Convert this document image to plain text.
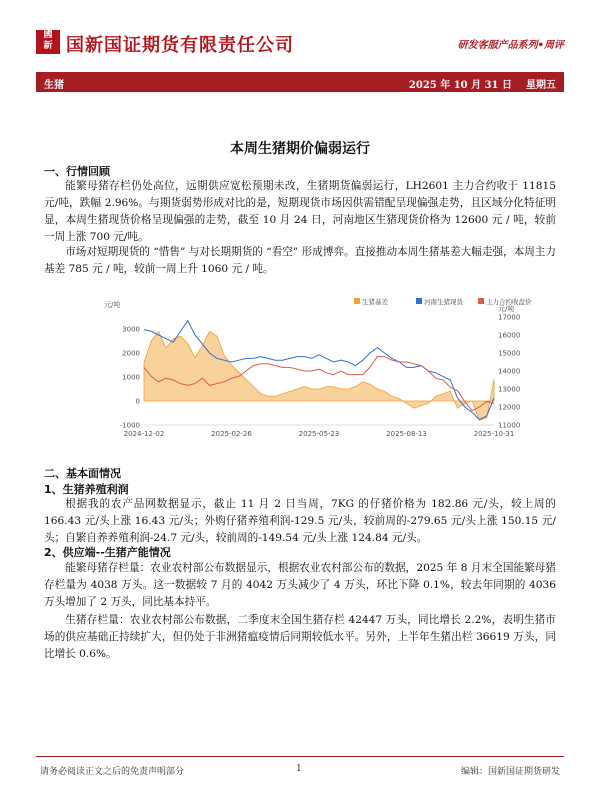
國
新 国新国证期货有限责任公司	研发客服产品系列•周评
生猪	2025 年 10 月 31 日 星期五
本周生猪期价偏弱运行
一、行情回顾

能繁母猪存栏仍处高位，远期供应宽松预期未改，生猪期货偏弱运行，LH2601 主力合约收于 11815 元/吨，跌幅 2.96%。与期货弱势形成对比的是，短期现货市场因供需错配呈现偏强走势，且区域分化特征明显，本周生猪现货价格呈现偏强的走势，截至 10 月 24 日，河南地区生猪现货价格为 12600 元 / 吨，较前一周上涨 700 元/吨。

市场对短期现货的 “惜售” 与对长期期货的 “看空” 形成博弈。直接推动本周生猪基差大幅走强，本周主力基差 785 元 / 吨，较前一周上升 1060 元 / 吨。

生猪基差	河南生猪现货	主力合约收盘价
元/吨	元/吨
3000
2000
1000
0
-1000
17000
16000
15000
14000
13000
12000
11000
2024-12-02	2025-02-26	2025-05-23	2025-08-13	2025-10-31
二、基本面情况
1、生猪养殖利润

根据我的农产品网数据显示，截止 11 月 2 日当周，7KG 的仔猪价格为 182.86 元/头，较上周的 166.43 元/头上涨 16.43 元/头；外购仔猪养殖利润-129.5 元/头，较前周的-279.65 元/头上涨 150.15 元/头；自繁自养养殖利润-24.7 元/头，较前周的-149.54 元/头上涨 124.84 元/头。

2、供应端--生猪产能情况

能繁母猪存栏量：农业农村部公布数据显示，根据农业农村部公布的数据，2025 年 8 月末全国能繁母猪存栏量为 4038 万头。这一数据较 7 月的 4042 万头减少了 4 万头，环比下降 0.1%，较去年同期的 4036 万头增加了 2 万头，同比基本持平。

生猪存栏量：农业农村部公布数据，二季度末全国生猪存栏 42447 万头，同比增长 2.2%，表明生猪市场的供应基础正持续扩大，但仍处于非洲猪瘟疫情后同期较低水平。另外，上半年生猪出栏 36619 万头，同比增长 0.6%。

请务必阅读正文之后的免责声明部分	1	编辑：国新国证期货研发
